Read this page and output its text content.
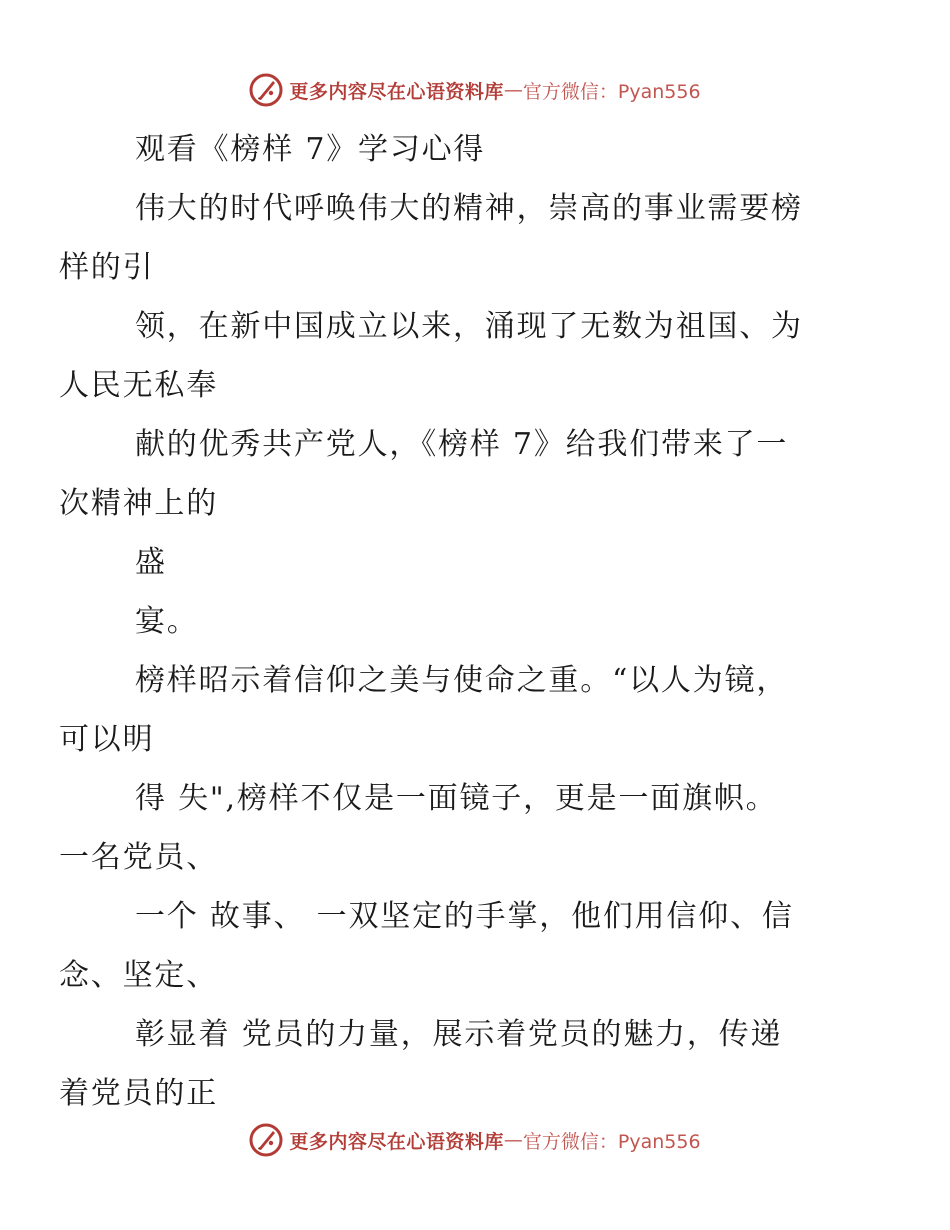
更多内容尽在心语资料库 — 官方微信：Pyan556

观看《榜样 7》学习心得
伟大的时代呼唤伟大的精神，崇高的事业需要榜
样的引
领，在新中国成立以来，涌现了无数为祖国、为
人民无私奉
献的优秀共产党人，《榜样 7》给我们带来了一
次精神上的
盛
宴。
榜样昭示着信仰之美与使命之重。“以人为镜，
可以明
得 失",榜样不仅是一面镜子，更是一面旗帜。
一名党员、
一个 故事、 一双坚定的手掌，他们用信仰、信
念、坚定、
彰显着 党员的力量，展示着党员的魅力，传递
着党员的正

更多内容尽在心语资料库 — 官方微信：Pyan556
